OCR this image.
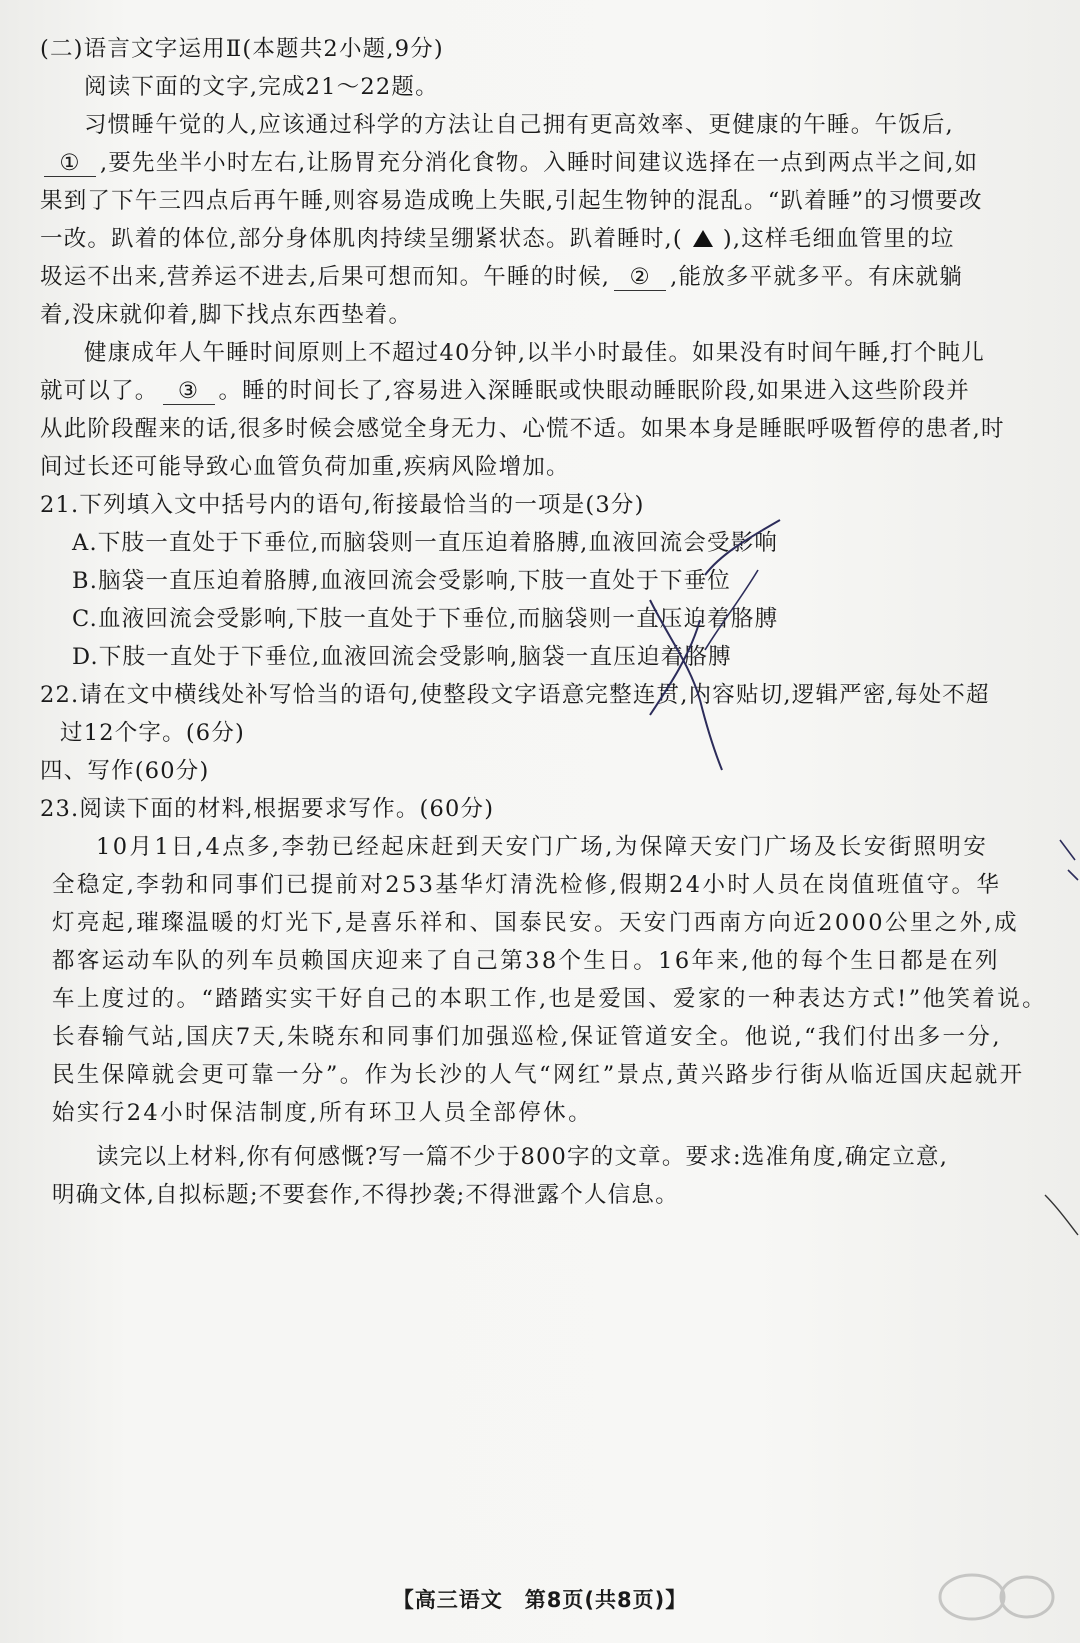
(二)语言文字运用Ⅱ(本题共2小题,9分)
阅读下面的文字,完成21～22题。
习惯睡午觉的人,应该通过科学的方法让自己拥有更高效率、更健康的午睡。午饭后,
① ,要先坐半小时左右,让肠胃充分消化食物。入睡时间建议选择在一点到两点半之间,如
果到了下午三四点后再午睡,则容易造成晚上失眠,引起生物钟的混乱。“趴着睡”的习惯要改
一改。趴着的体位,部分身体肌肉持续呈绷紧状态。趴着睡时,( ),这样毛细血管里的垃
圾运不出来,营养运不进去,后果可想而知。午睡的时候, ② ,能放多平就多平。有床就躺
着,没床就仰着,脚下找点东西垫着。
健康成年人午睡时间原则上不超过40分钟,以半小时最佳。如果没有时间午睡,打个盹儿
就可以了。 ③ 。睡的时间长了,容易进入深睡眠或快眼动睡眠阶段,如果进入这些阶段并
从此阶段醒来的话,很多时候会感觉全身无力、心慌不适。如果本身是睡眠呼吸暂停的患者,时
间过长还可能导致心血管负荷加重,疾病风险增加。
21.下列填入文中括号内的语句,衔接最恰当的一项是(3分)
A.下肢一直处于下垂位,而脑袋则一直压迫着胳膊,血液回流会受影响
B.脑袋一直压迫着胳膊,血液回流会受影响,下肢一直处于下垂位
C.血液回流会受影响,下肢一直处于下垂位,而脑袋则一直压迫着胳膊
D.下肢一直处于下垂位,血液回流会受影响,脑袋一直压迫着胳膊
22.请在文中横线处补写恰当的语句,使整段文字语意完整连贯,内容贴切,逻辑严密,每处不超
过12个字。(6分)
四、写作(60分)
23.阅读下面的材料,根据要求写作。(60分)
10月1日,4点多,李勃已经起床赶到天安门广场,为保障天安门广场及长安街照明安
全稳定,李勃和同事们已提前对253基华灯清洗检修,假期24小时人员在岗值班值守。华
灯亮起,璀璨温暖的灯光下,是喜乐祥和、国泰民安。天安门西南方向近2000公里之外,成
都客运动车队的列车员赖国庆迎来了自己第38个生日。16年来,他的每个生日都是在列
车上度过的。“踏踏实实干好自己的本职工作,也是爱国、爱家的一种表达方式!”他笑着说。
长春输气站,国庆7天,朱晓东和同事们加强巡检,保证管道安全。他说,“我们付出多一分,
民生保障就会更可靠一分”。作为长沙的人气“网红”景点,黄兴路步行街从临近国庆起就开
始实行24小时保洁制度,所有环卫人员全部停休。
读完以上材料,你有何感慨?写一篇不少于800字的文章。要求:选准角度,确定立意,
明确文体,自拟标题;不要套作,不得抄袭;不得泄露个人信息。
【高三语文　第8页(共8页)】
